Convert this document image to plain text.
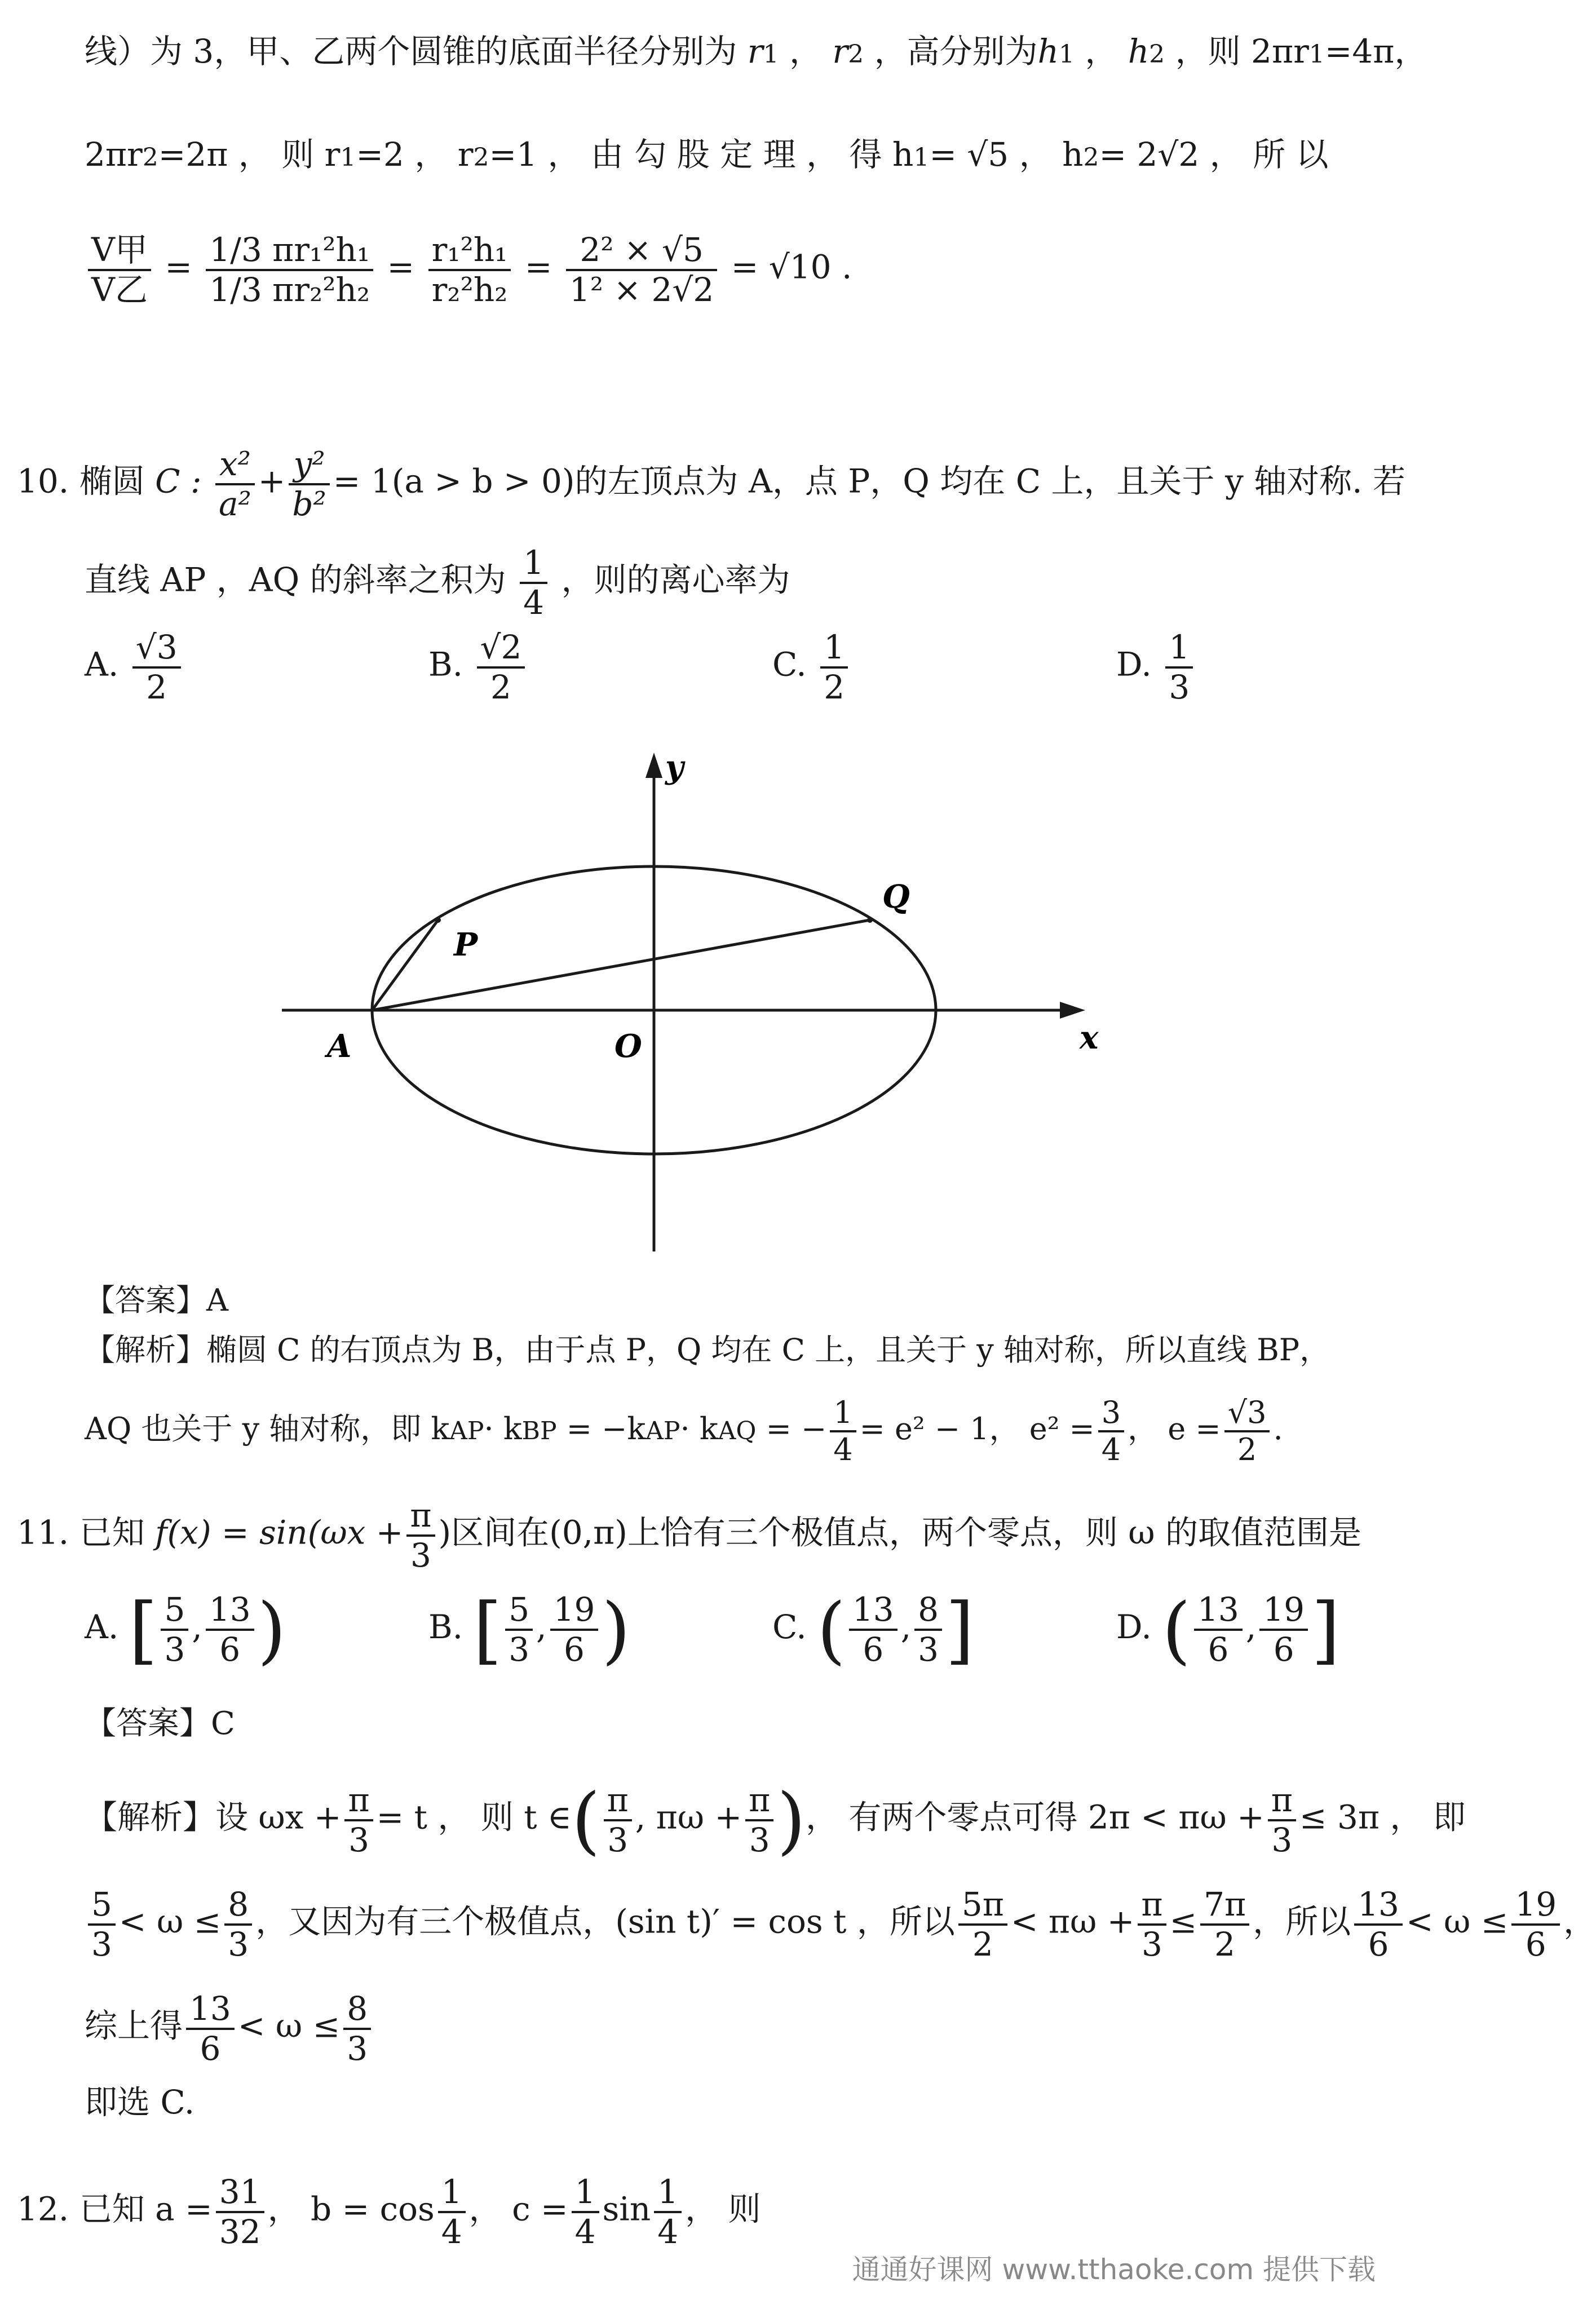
线）为 3，甲、乙两个圆锥的底面半径分别为 r1 ， r2 ，高分别为h1 ， h2 ，则 2πr1=4π，
2πr2=2π ， 则 r1=2 ， r2=1 ， 由 勾 股 定 理 ， 得 h1= √5 ， h2= 2√2 ， 所 以
$\frac{\text{V甲}}{\text{V乙}} = \frac{\text{1/3 πr₁²h₁}}{\text{1/3 πr₂²h₂}} = \frac{\text{r₁²h₁}}{\text{r₂²h₂}} = \frac{\text{2² × √5}}{\text{1² × 2√2}} = √10$ .
10. 椭圆 C : $\frac{\text{x²}}{\text{a²}} + \frac{\text{y²}}{\text{b²}} = 1(a > b > 0)$的左顶点为 A，点 P，Q 均在 C 上，且关于 y 轴对称. 若
直线 AP ，AQ 的斜率之积为 $\frac{1}{4}$ ，则的离心率为
A. $\frac{√3}{2}$	B. $\frac{√2}{2}$	C. $\frac{1}{2}$	D. $\frac{1}{3}$
y
x
A	O
P
Q
【答案】A
【解析】椭圆 C 的右顶点为 B，由于点 P，Q 均在 C 上，且关于 y 轴对称，所以直线 BP，
AQ 也关于 y 轴对称，即 kAP· kBP = −kAP· kAQ = − $\frac{1}{4} = e^2 - 1$， $e^2 = \frac{3}{4}$ ， $e = \frac{√3}{2}$ .
11. 已知 $f(x) = \sin(\omega x + \frac{\pi}{3}$ )区间在(0,π)上恰有三个极值点，两个零点，则 ω 的取值范围是
A. [ $\frac{5}{3}$ , $\frac{13}{6}$ )	B. [ $\frac{5}{3}$ , $\frac{19}{6}$ )	C. ( $\frac{13}{6}$ , $\frac{8}{3}$ ]	D. ( $\frac{13}{6}$ , $\frac{19}{6}$ ]
【答案】C
【解析】设 $\omega x + \frac{\pi}{3} = t$ ， 则 t ∈( $\frac{\pi}{3}$ , $\pi\omega + \frac{\pi}{3}$ )， 有两个零点可得 $2\pi < \pi\omega + \frac{\pi}{3} \le 3\pi$ ， 即
$\frac{5}{3} < \omega \le \frac{8}{3}$ ，又因为有三个极值点，(sin t)′ = cos t ，所以 $\frac{5\pi}{2} < \pi\omega + \frac{\pi}{3} \le \frac{7\pi}{2}$ ，所以 $\frac{13}{6} < \omega \le \frac{19}{6}$ ，
综上得 $\frac{13}{6} < \omega \le \frac{8}{3}$
即选 C.
12. 已知 $a = \frac{31}{32}$ ， $b = \cos \frac{1}{4}$ ， $c = \frac{1}{4}$ $\sin \frac{1}{4}$ ， 则
通通好课网 www.tthaoke.com 提供下载
